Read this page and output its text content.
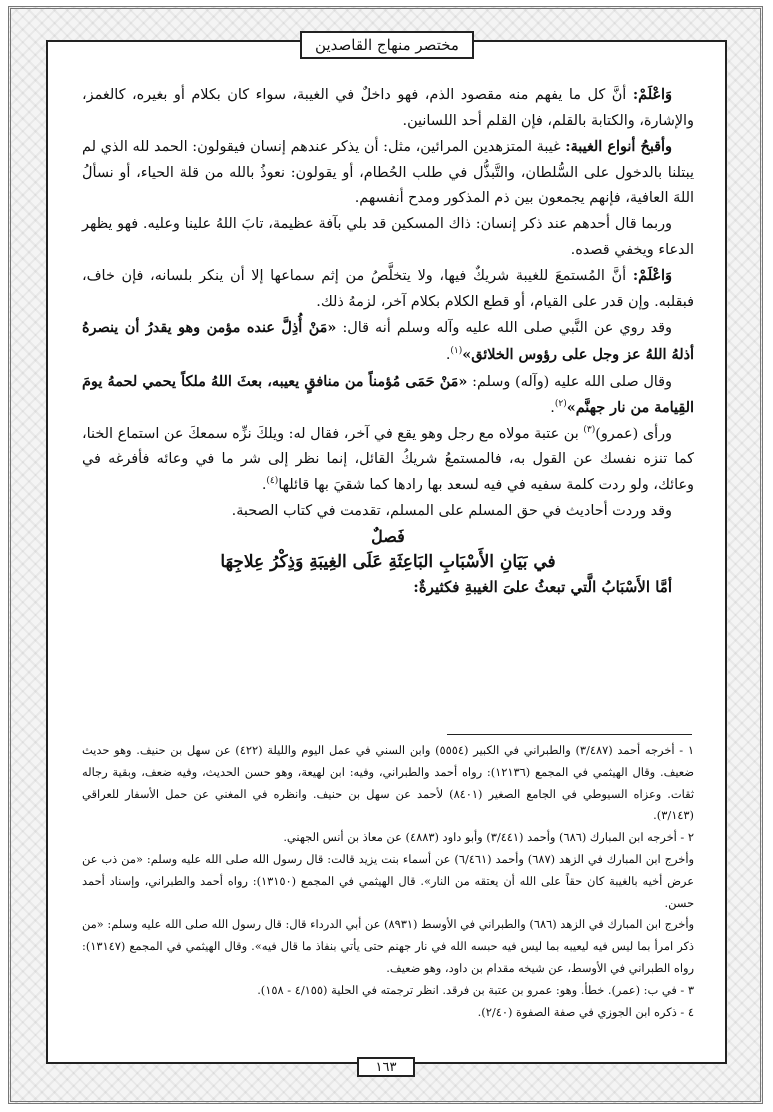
مختصر منهاج القاصدين

وَاعْلَمْ: أنَّ كل ما يفهم منه مقصود الذم، فهو داخلٌ في الغيبة، سواء كان بكلام أو بغيره، كالغمز، والإشارة، والكتابة بالقلم، فإن القلم أحد اللسانين.

وأقبحُ أنواع الغيبة: غيبة المتزهدين المرائين، مثل: أن يذكر عندهم إنسان فيقولون: الحمد لله الذي لم يبتلنا بالدخول على السُّلطان، والتَّبذُّل في طلب الحُطام، أو يقولون: نعوذُ بالله من قلة الحياء، أو نسألُ اللهَ العافية، فإنهم يجمعون بين ذم المذكور ومدح أنفسهم.

وربما قال أحدهم عند ذكر إنسان: ذاك المسكين قد بلي بآفة عظيمة، تابَ اللهُ علينا وعليه. فهو يظهر الدعاء ويخفي قصده.

وَاعْلَمْ: أنَّ المُستمعَ للغيبة شريكٌ فيها، ولا يتخلَّصُ من إثم سماعها إلا أن ينكر بلسانه، فإن خاف، فبقلبه. وإن قدر على القيام، أو قطع الكلام بكلام آخر، لزمهُ ذلك.

وقد روي عن النَّبي صلى الله عليه وآله وسلم أنه قال: «مَنْ أُذِلَّ عنده مؤمن وهو يقدرُ أن ينصرهُ أذلهُ اللهُ عز وجل على رؤوس الخلائق»$^{(١)}$.

وقال صلى الله عليه (وآله) وسلم: «مَنْ حَمَى مُؤمناً من منافقٍ يعيبه، بعثَ اللهُ ملكاً يحمي لحمهُ يومَ القِيامة من نار جهنَّم»$^{(٢)}$.

ورأى (عمرو)$^{(٣)}$ بن عتبة مولاه مع رجل وهو يقع في آخر، فقال له: ويلكَ نزِّه سمعكَ عن استماع الخنا، كما تنزه نفسك عن القول به، فالمستمعُ شريكُ القائل، إنما نظر إلى شر ما في وعائه فأفرغه في وعائك، ولو ردت كلمة سفيه في فيه لسعد بها رادها كما شقيَ بها قائلها$^{(٤)}$.

وقد وردت أحاديث في حق المسلم على المسلم، تقدمت في كتاب الصحبة.

فَصلٌ

في بَيَانِ الأَسْبَابِ البَاعِثَةِ عَلَى الغِيبَةِ وَذِكْرُ عِلاجِهَا

أمَّا الأَسْبَابُ الَّتي تبعثُ علىَ الغيبةِ فكثيرةٌ:

١ - أخرجه أحمد (٣/٤٨٧) والطبراني في الكبير (٥٥٥٤) وابن السني في عمل اليوم والليلة (٤٢٢) عن سهل بن حنيف. وهو حديث ضعيف. وقال الهيثمي في المجمع (١٢١٣٦): رواه أحمد والطبراني، وفيه: ابن لهيعة، وهو حسن الحديث، وفيه ضعف، وبقية رجاله ثقات. وعزاه السيوطي في الجامع الصغير (٨٤٠١) لأحمد عن سهل بن حنيف. وانظره في المغني عن حمل الأسفار للعراقي (٣/١٤٣).

٢ - أخرجه ابن المبارك (٦٨٦) وأحمد (٣/٤٤١) وأبو داود (٤٨٨٣) عن معاذ بن أنس الجهني.

وأخرج ابن المبارك في الزهد (٦٨٧) وأحمد (٦/٤٦١) عن أسماء بنت يزيد قالت: قال رسول الله صلى الله عليه وسلم: «من ذب عن عرض أخيه بالغيبة كان حقاً على الله أن يعتقه من النار». قال الهيثمي في المجمع (١٣١٥٠): رواه أحمد والطبراني، وإسناد أحمد حسن.

وأخرج ابن المبارك في الزهد (٦٨٦) والطبراني في الأوسط (٨٩٣١) عن أبي الدرداء قال: قال رسول الله صلى الله عليه وسلم: «من ذكر امرأ بما ليس فيه ليعيبه بما ليس فيه حبسه الله في نار جهنم حتى يأتي بنفاذ ما قال فيه». وقال الهيثمي في المجمع (١٣١٤٧): رواه الطبراني في الأوسط، عن شيخه مقدام بن داود، وهو ضعيف.

٣ - في ب: (عمر). خطأ. وهو: عمرو بن عتبة بن فرقد. انظر ترجمته في الحلية (٤/١٥٥ - ١٥٨).

٤ - ذكره ابن الجوزي في صفة الصفوة (٢/٤٠).

١٦٣
